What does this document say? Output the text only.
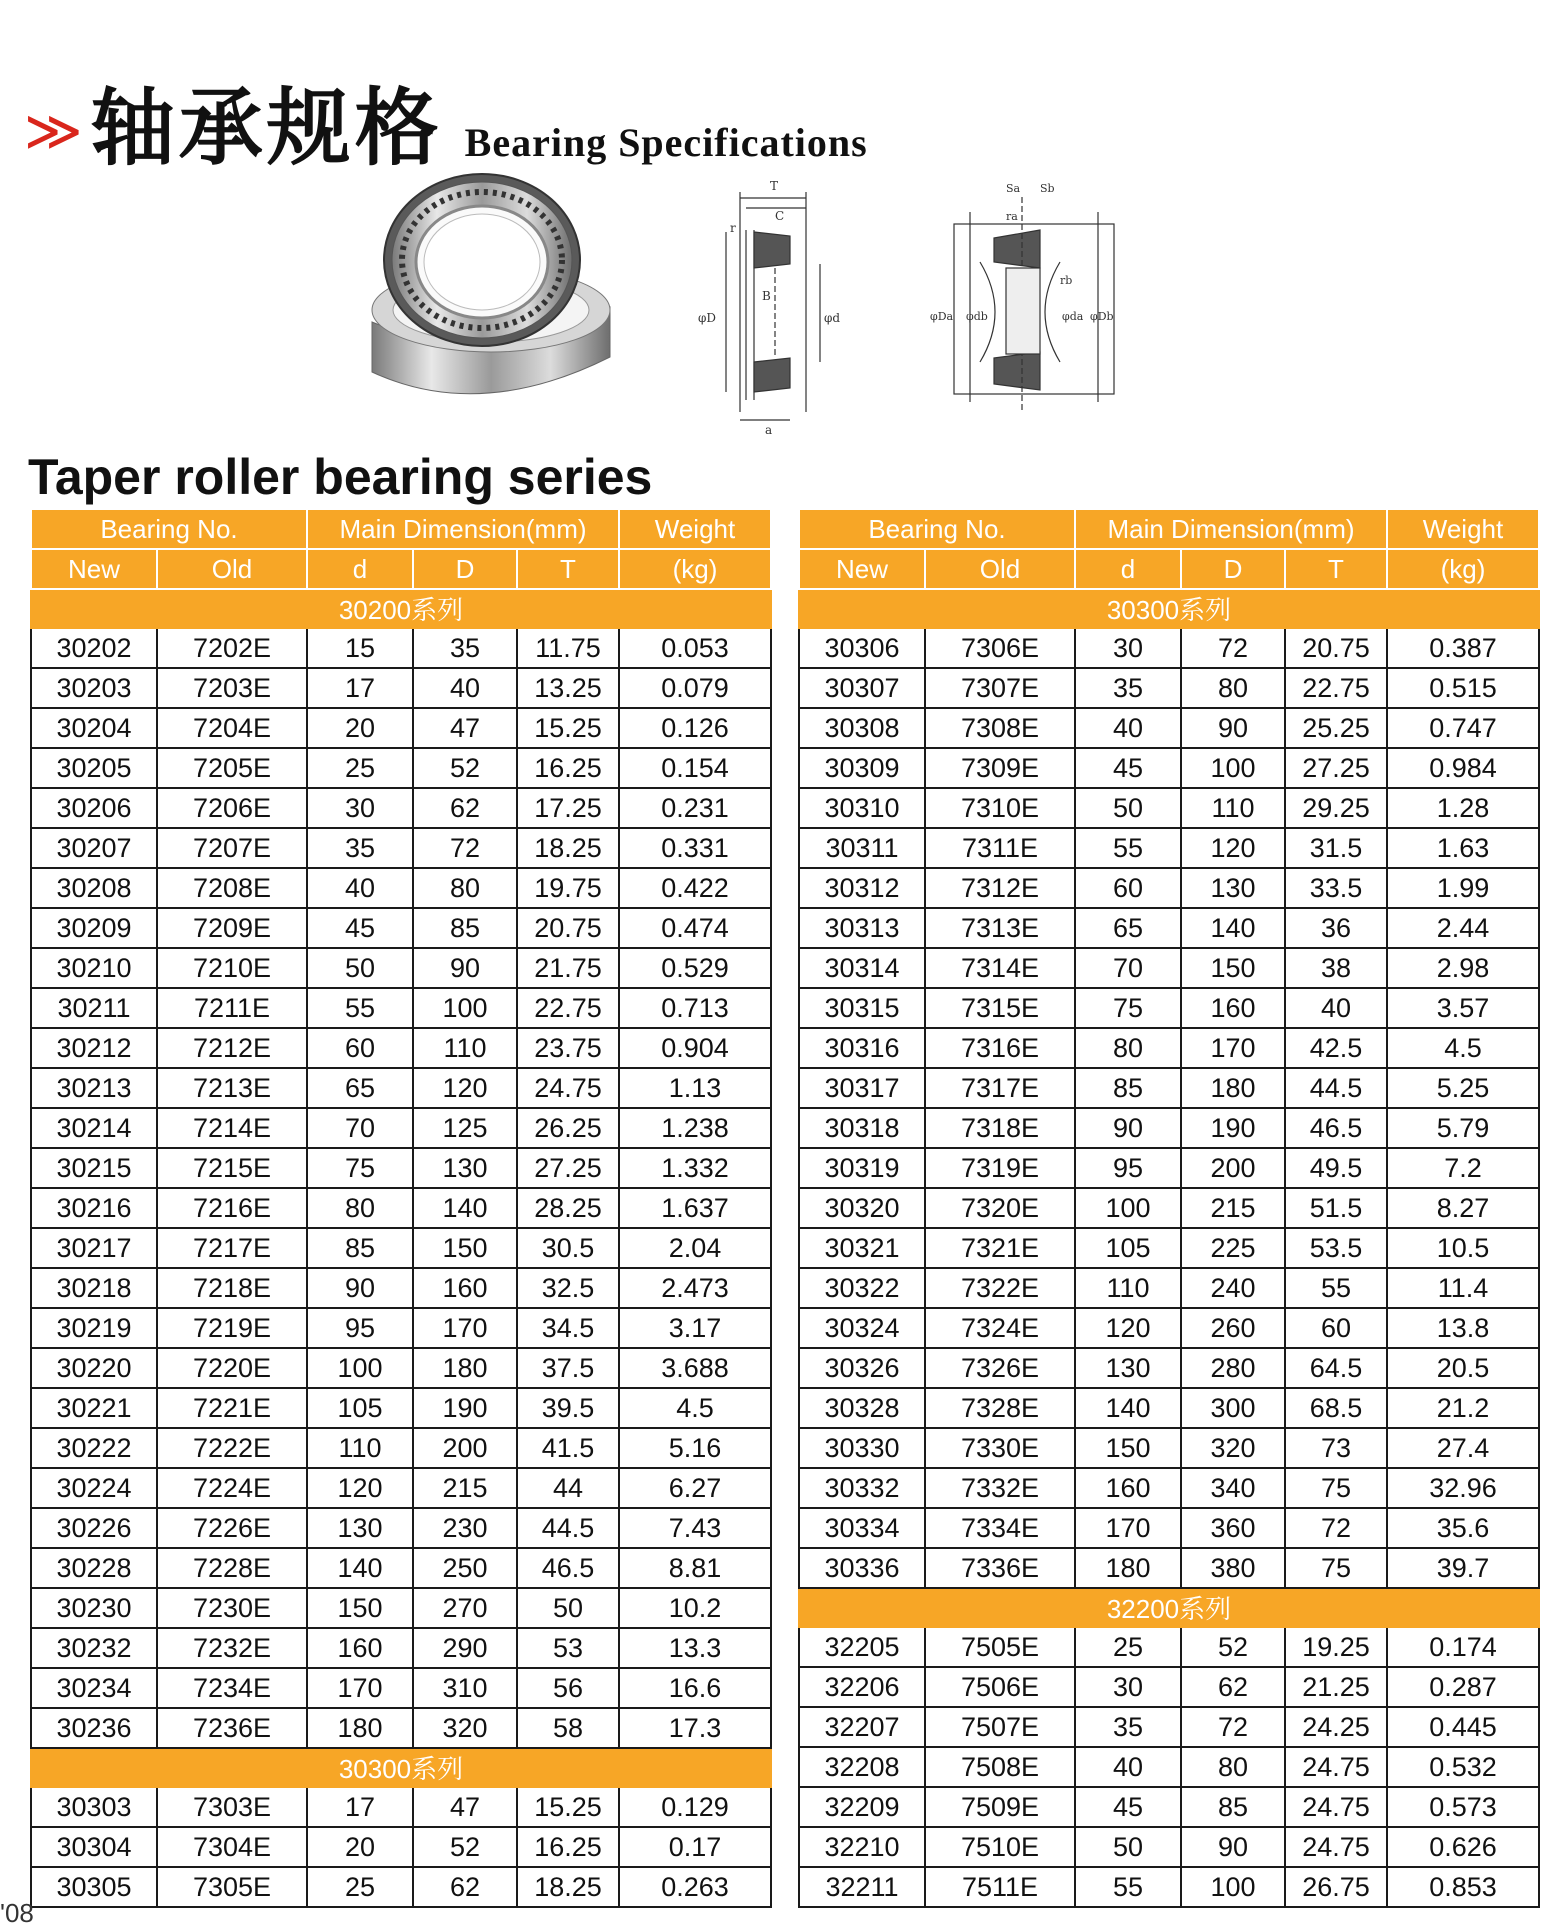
≫ 轴承规格 Bearing Specifications
T
C
B
r
a
φD	φd
Sa Sb
ra
rb
φDa φdb	φda φDb
Taper roller bearing series
Bearing No.		Main Dimension(mm)			Weight
New	Old	d	D	T	(kg)
30200系列					
30202	7202E	15	35	11.75	0.053
30203	7203E	17	40	13.25	0.079
30204	7204E	20	47	15.25	0.126
30205	7205E	25	52	16.25	0.154
30206	7206E	30	62	17.25	0.231
30207	7207E	35	72	18.25	0.331
30208	7208E	40	80	19.75	0.422
30209	7209E	45	85	20.75	0.474
30210	7210E	50	90	21.75	0.529
30211	7211E	55	100	22.75	0.713
30212	7212E	60	110	23.75	0.904
30213	7213E	65	120	24.75	1.13
30214	7214E	70	125	26.25	1.238
30215	7215E	75	130	27.25	1.332
30216	7216E	80	140	28.25	1.637
30217	7217E	85	150	30.5	2.04
30218	7218E	90	160	32.5	2.473
30219	7219E	95	170	34.5	3.17
30220	7220E	100	180	37.5	3.688
30221	7221E	105	190	39.5	4.5
30222	7222E	110	200	41.5	5.16
30224	7224E	120	215	44	6.27
30226	7226E	130	230	44.5	7.43
30228	7228E	140	250	46.5	8.81
30230	7230E	150	270	50	10.2
30232	7232E	160	290	53	13.3
30234	7234E	170	310	56	16.6
30236	7236E	180	320	58	17.3
30300系列					
30303	7303E	17	47	15.25	0.129
30304	7304E	20	52	16.25	0.17
30305	7305E	25	62	18.25	0.263
Bearing No.		Main Dimension(mm)			Weight
New	Old	d	D	T	(kg)
30300系列					
30306	7306E	30	72	20.75	0.387
30307	7307E	35	80	22.75	0.515
30308	7308E	40	90	25.25	0.747
30309	7309E	45	100	27.25	0.984
30310	7310E	50	110	29.25	1.28
30311	7311E	55	120	31.5	1.63
30312	7312E	60	130	33.5	1.99
30313	7313E	65	140	36	2.44
30314	7314E	70	150	38	2.98
30315	7315E	75	160	40	3.57
30316	7316E	80	170	42.5	4.5
30317	7317E	85	180	44.5	5.25
30318	7318E	90	190	46.5	5.79
30319	7319E	95	200	49.5	7.2
30320	7320E	100	215	51.5	8.27
30321	7321E	105	225	53.5	10.5
30322	7322E	110	240	55	11.4
30324	7324E	120	260	60	13.8
30326	7326E	130	280	64.5	20.5
30328	7328E	140	300	68.5	21.2
30330	7330E	150	320	73	27.4
30332	7332E	160	340	75	32.96
30334	7334E	170	360	72	35.6
30336	7336E	180	380	75	39.7
32200系列					
32205	7505E	25	52	19.25	0.174
32206	7506E	30	62	21.25	0.287
32207	7507E	35	72	24.25	0.445
32208	7508E	40	80	24.75	0.532
32209	7509E	45	85	24.75	0.573
32210	7510E	50	90	24.75	0.626
32211	7511E	55	100	26.75	0.853
'08
